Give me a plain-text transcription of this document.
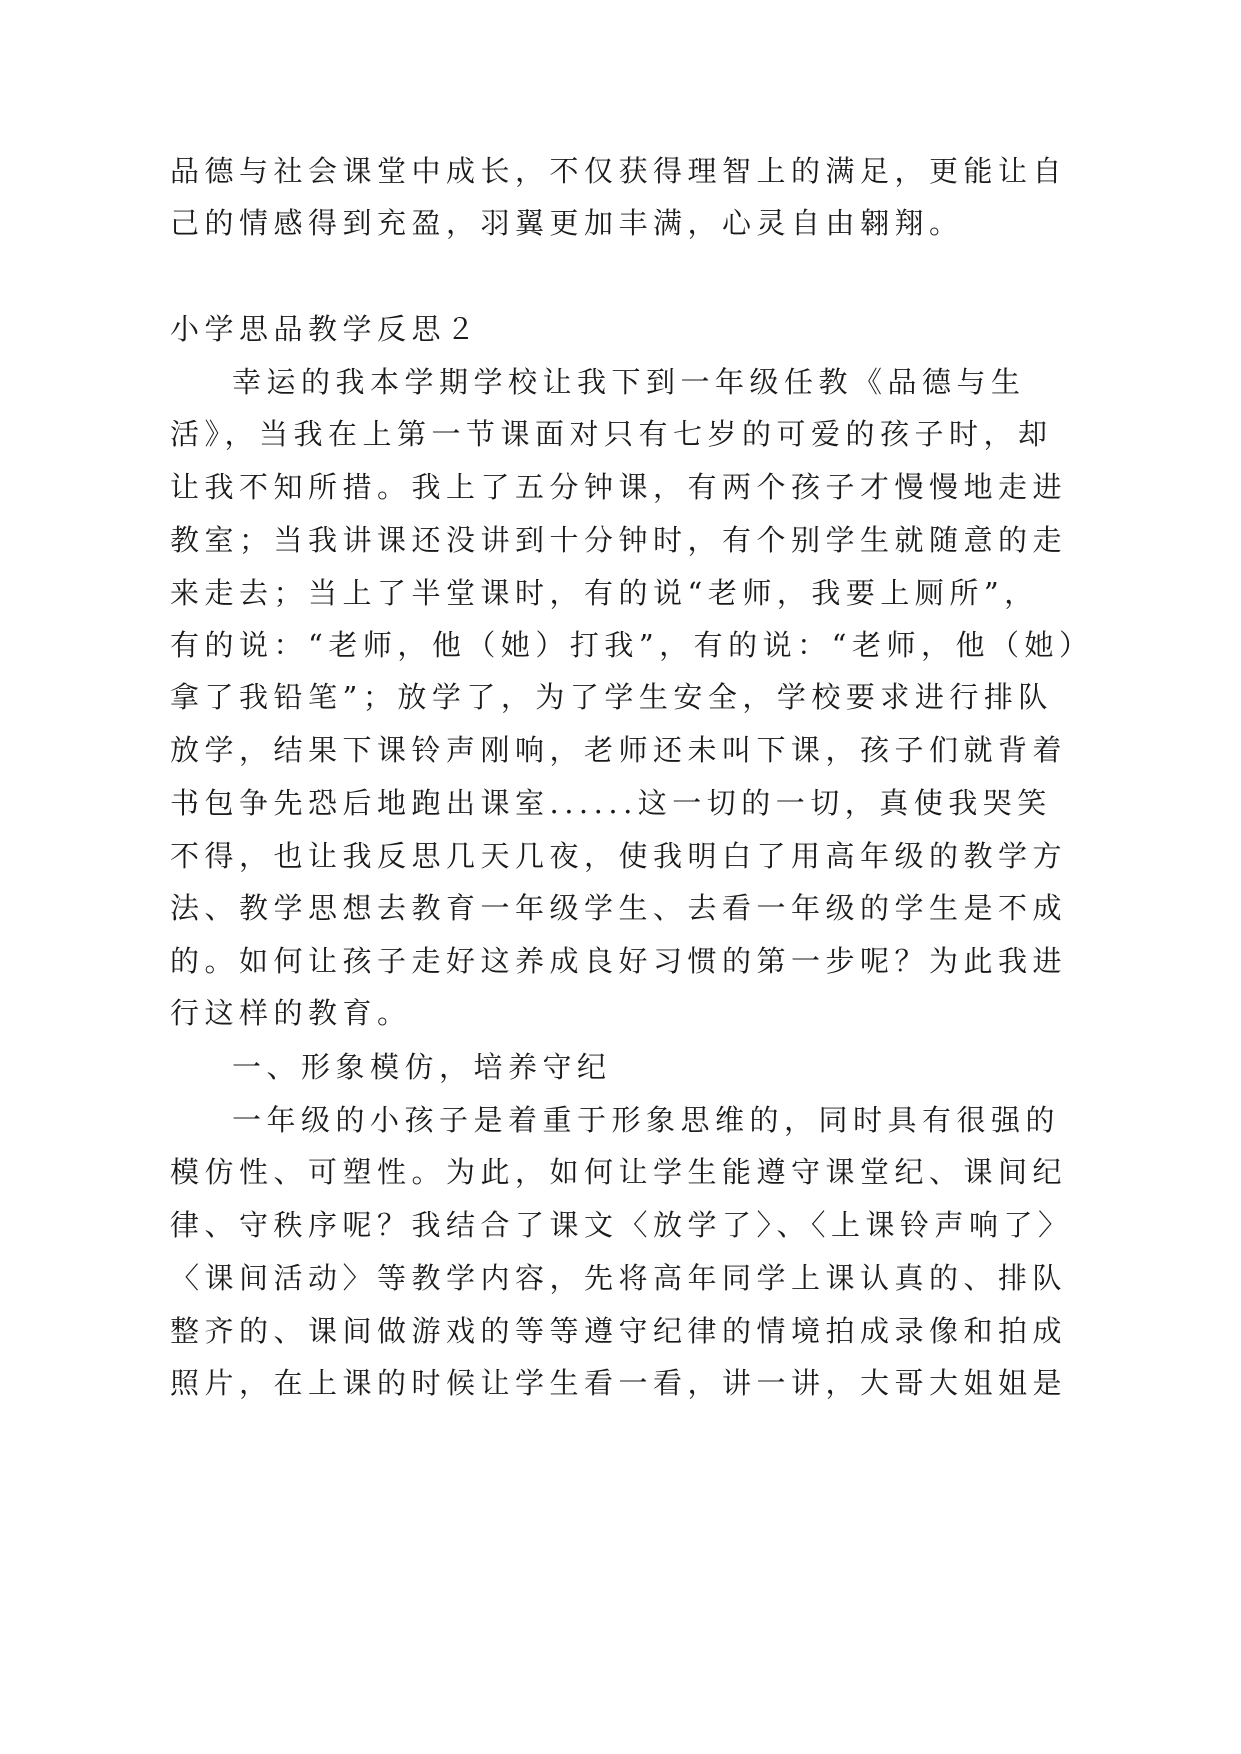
品德与社会课堂中成长，不仅获得理智上的满足，更能让自
己的情感得到充盈，羽翼更加丰满，心灵自由翱翔。
小学思品教学反思２
幸运的我本学期学校让我下到一年级任教《品德与生
活》，当我在上第一节课面对只有七岁的可爱的孩子时，却
让我不知所措。我上了五分钟课，有两个孩子才慢慢地走进
教室；当我讲课还没讲到十分钟时，有个别学生就随意的走
来走去；当上了半堂课时，有的说“老师，我要上厕所”，
有的说：“老师，他（她）打我”，有的说：“老师，他（她）
拿了我铅笔”；放学了，为了学生安全，学校要求进行排队
放学，结果下课铃声刚响，老师还未叫下课，孩子们就背着
书包争先恐后地跑出课室......这一切的一切，真使我哭笑
不得，也让我反思几天几夜，使我明白了用高年级的教学方
法、教学思想去教育一年级学生、去看一年级的学生是不成
的。如何让孩子走好这养成良好习惯的第一步呢？为此我进
行这样的教育。
一、形象模仿，培养守纪
一年级的小孩子是着重于形象思维的，同时具有很强的
模仿性、可塑性。为此，如何让学生能遵守课堂纪、课间纪
律、守秩序呢？我结合了课文〈放学了〉、〈上课铃声响了〉
〈课间活动〉等教学内容，先将高年同学上课认真的、排队
整齐的、课间做游戏的等等遵守纪律的情境拍成录像和拍成
照片，在上课的时候让学生看一看，讲一讲，大哥大姐姐是
